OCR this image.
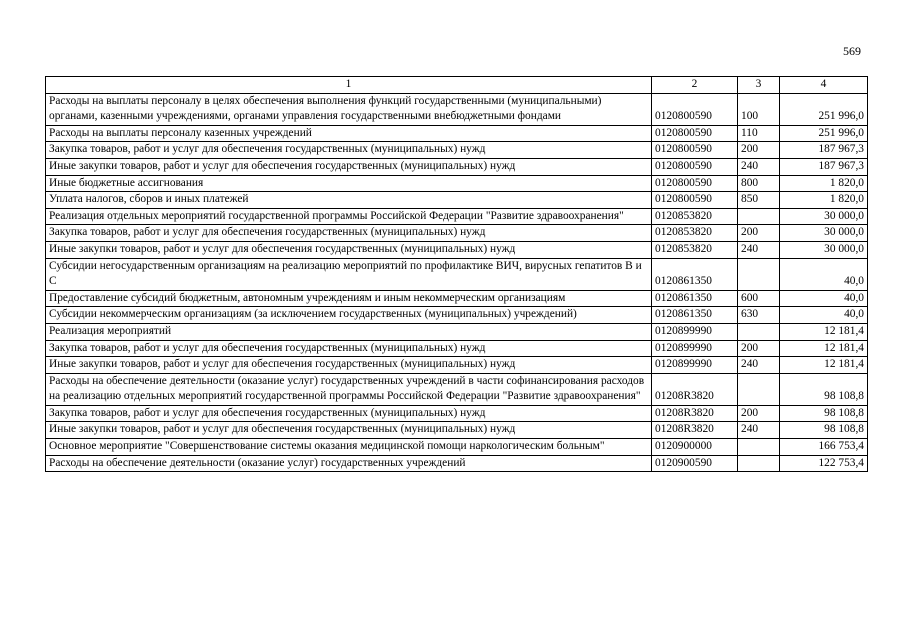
569
1	2	3	4
Расходы на выплаты персоналу в целях обеспечения выполнения функций государственными (муниципальными) органами, казенными учреждениями, органами управления государственными внебюджетными фондами	0120800590	100	251 996,0
Расходы на выплаты персоналу казенных учреждений	0120800590	110	251 996,0
Закупка товаров, работ и услуг для обеспечения государственных (муниципальных) нужд	0120800590	200	187 967,3
Иные закупки товаров, работ и услуг для обеспечения государственных (муниципальных) нужд	0120800590	240	187 967,3
Иные бюджетные ассигнования	0120800590	800	1 820,0
Уплата налогов, сборов и иных платежей	0120800590	850	1 820,0
Реализация отдельных мероприятий государственной программы Российской Федерации "Развитие здравоохранения"	0120853820		30 000,0
Закупка товаров, работ и услуг для обеспечения государственных (муниципальных) нужд	0120853820	200	30 000,0
Иные закупки товаров, работ и услуг для обеспечения государственных (муниципальных) нужд	0120853820	240	30 000,0
Субсидии негосударственным организациям на реализацию мероприятий по профилактике ВИЧ, вирусных гепатитов В и С	0120861350		40,0
Предоставление субсидий бюджетным, автономным учреждениям и иным некоммерческим организациям	0120861350	600	40,0
Субсидии некоммерческим организациям (за исключением государственных (муниципальных) учреждений)	0120861350	630	40,0
Реализация мероприятий	0120899990		12 181,4
Закупка товаров, работ и услуг для обеспечения государственных (муниципальных) нужд	0120899990	200	12 181,4
Иные закупки товаров, работ и услуг для обеспечения государственных (муниципальных) нужд	0120899990	240	12 181,4
Расходы на обеспечение деятельности (оказание услуг) государственных учреждений в части софинансирования расходов на реализацию отдельных мероприятий государственной программы Российской Федерации "Развитие здравоохранения"	01208R3820		98 108,8
Закупка товаров, работ и услуг для обеспечения государственных (муниципальных) нужд	01208R3820	200	98 108,8
Иные закупки товаров, работ и услуг для обеспечения государственных (муниципальных) нужд	01208R3820	240	98 108,8
Основное мероприятие "Совершенствование системы оказания медицинской помощи наркологическим больным"	0120900000		166 753,4
Расходы на обеспечение деятельности (оказание услуг) государственных учреждений	0120900590		122 753,4
